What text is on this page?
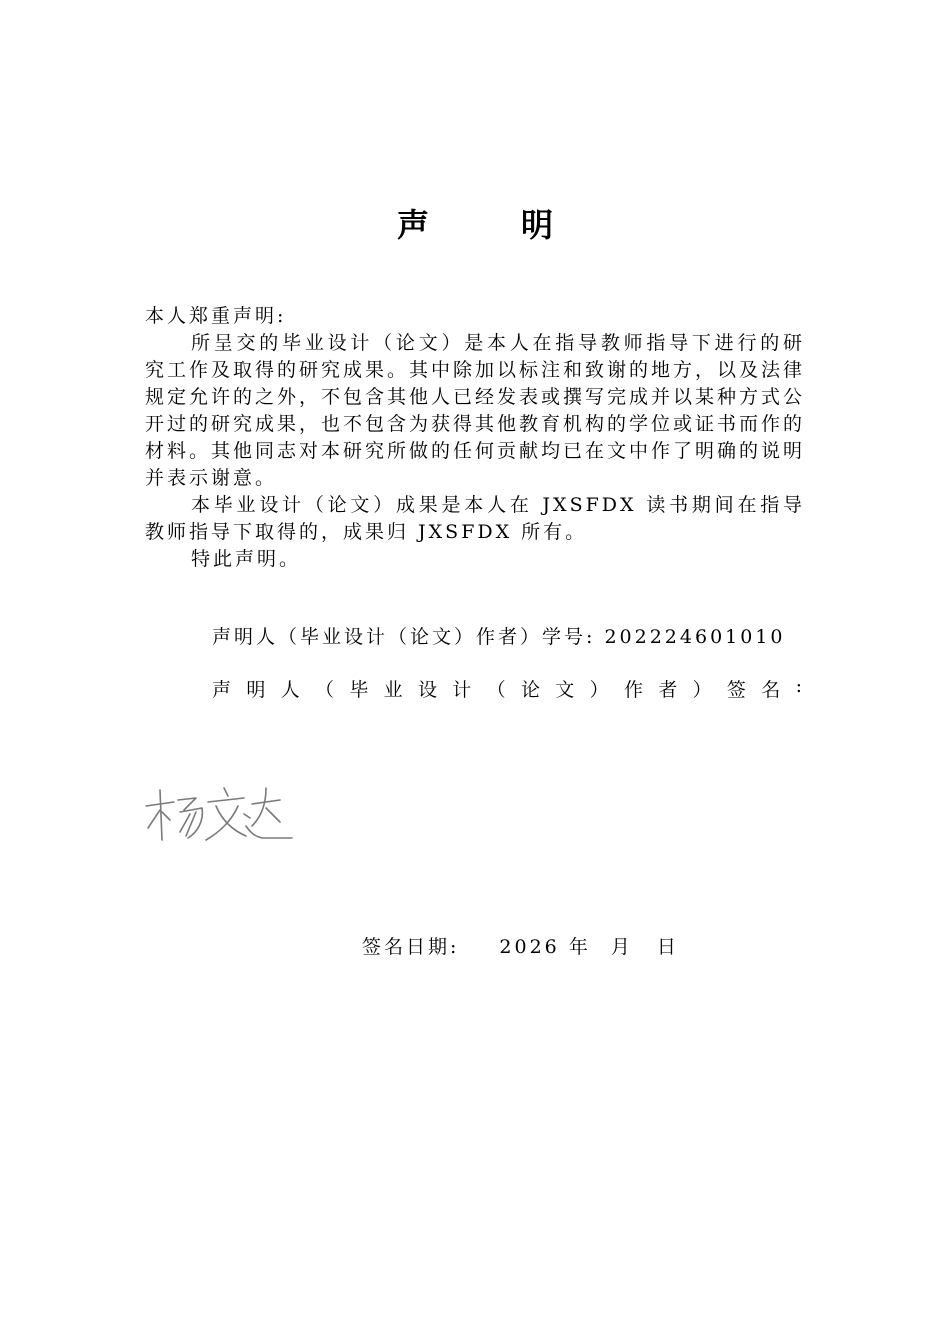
声	明

本人郑重声明:

所呈交的毕业设计（论文）是本人在指导教师指导下进行的研究工作及取得的研究成果。其中除加以标注和致谢的地方，以及法律规定允许的之外，不包含其他人已经发表或撰写完成并以某种方式公开过的研究成果，也不包含为获得其他教育机构的学位或证书而作的材料。其他同志对本研究所做的任何贡献均已在文中作了明确的说明并表示谢意。

本毕业设计（论文）成果是本人在 JXSFDX 读书期间在指导教师指导下取得的，成果归 JXSFDX 所有。

特此声明。

声明人（毕业设计（论文）作者）学号: 202224601010
声 明 人 （ 毕 业 设 计 （ 论 文 ） 作 者 ） 签 名 :
签名日期: 2026 年 月 日
